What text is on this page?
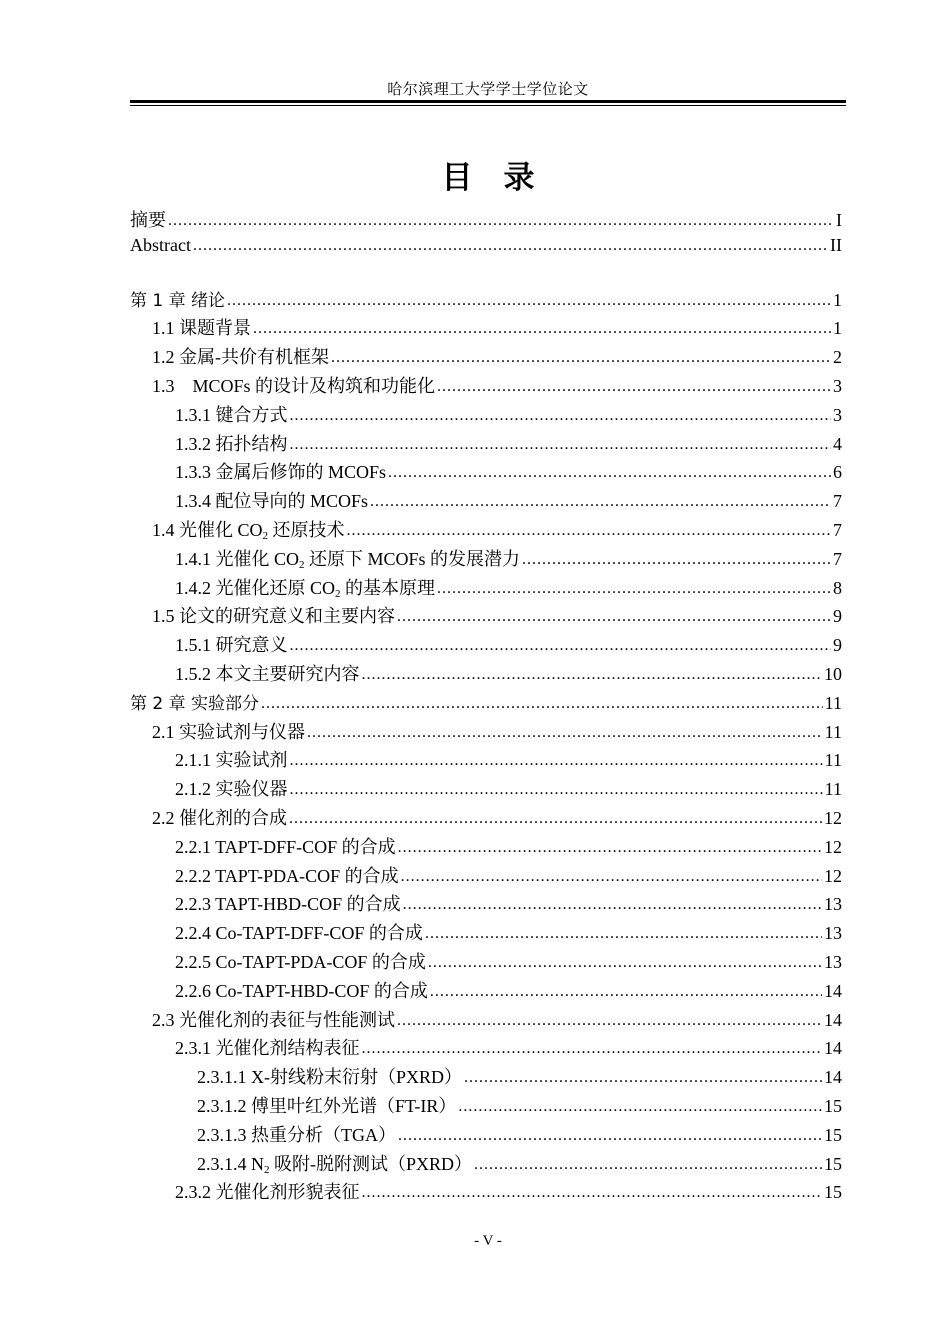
哈尔滨理工大学学士学位论文
目　录
摘要 .....	I
Abstract .....	II
第 1 章 绪论 .....	1
1.1 课题背景 .....	1
1.2 金属-共价有机框架 .....	2
1.3　MCOFs 的设计及构筑和功能化 .....	3
1.3.1 键合方式 .....	3
1.3.2 拓扑结构 .....	4
1.3.3 金属后修饰的 MCOFs .....	6
1.3.4 配位导向的 MCOFs .....	7
1.4 光催化 $CO_2$ 还原技术 .....	7
1.4.1 光催化 $CO_2$ 还原下 MCOFs 的发展潜力 .....	7
1.4.2 光催化还原 $CO_2$ 的基本原理 .....	8
1.5 论文的研究意义和主要内容 .....	9
1.5.1 研究意义 .....	9
1.5.2 本文主要研究内容 .....	10
第 2 章 实验部分 .....	11
2.1 实验试剂与仪器 .....	11
2.1.1 实验试剂 .....	11
2.1.2 实验仪器 .....	11
2.2 催化剂的合成 .....	12
2.2.1 TAPT-DFF-COF 的合成 .....	12
2.2.2 TAPT-PDA-COF 的合成 .....	12
2.2.3 TAPT-HBD-COF 的合成 .....	13
2.2.4 Co-TAPT-DFF-COF 的合成 .....	13
2.2.5 Co-TAPT-PDA-COF 的合成 .....	13
2.2.6 Co-TAPT-HBD-COF 的合成 .....	14
2.3 光催化剂的表征与性能测试 .....	14
2.3.1 光催化剂结构表征 .....	14
2.3.1.1 X-射线粉末衍射（PXRD） .....	14
2.3.1.2 傅里叶红外光谱（FT-IR） .....	15
2.3.1.3 热重分析（TGA） .....	15
2.3.1.4 $N_2$ 吸附-脱附测试（PXRD） .....	15
2.3.2 光催化剂形貌表征 .....	15
- V -
